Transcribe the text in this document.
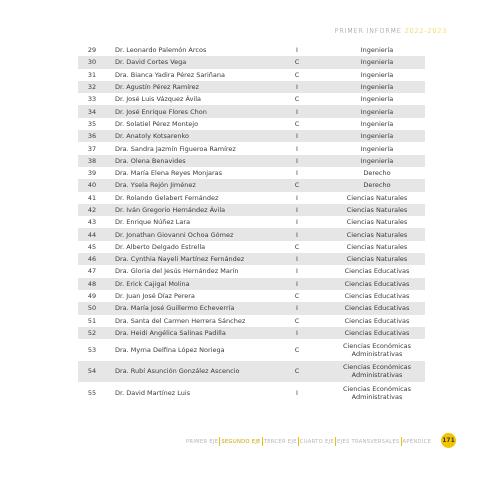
PRIMER INFORME 2022-2023
29	Dr. Leonardo Palemón Arcos	I	Ingeniería
30	Dr. David Cortes Vega	C	Ingeniería
31	Dra. Bianca Yadira Pérez Sariñana	C	Ingeniería
32	Dr. Agustín Pérez Ramírez	I	Ingeniería
33	Dr. José Luis Vázquez Ávila	C	Ingeniería
34	Dr. José Enrique Flores Chon	I	Ingeniería
35	Dr. Solatiel Pérez Montejo	C	Ingeniería
36	Dr. Anatoly Kotsarenko	I	Ingeniería
37	Dra. Sandra Jazmín Figueroa Ramírez	I	Ingeniería
38	Dra. Olena Benavides	I	Ingeniería
39	Dra. María Elena Reyes Monjaras	I	Derecho
40	Dra. Ysela Rejón Jiménez	C	Derecho
41	Dr. Rolando Gelabert Fernández	I	Ciencias Naturales
42	Dr. Iván Gregorio Hernández Ávila	I	Ciencias Naturales
43	Dr. Enrique Núñez Lara	I	Ciencias Naturales
44	Dr. Jonathan Giovanni Ochoa Gómez	I	Ciencias Naturales
45	Dr. Alberto Delgado Estrella	C	Ciencias Naturales
46	Dra. Cynthia Nayeli Martínez Fernández	I	Ciencias Naturales
47	Dra. Gloria del Jesús Hernández Marín	I	Ciencias Educativas
48	Dr. Erick Cajigal Molina	I	Ciencias Educativas
49	Dr. Juan José Díaz Perera	C	Ciencias Educativas
50	Dra. María José Guillermo Echeverría	I	Ciencias Educativas
51	Dra. Santa del Carmen Herrera Sánchez	C	Ciencias Educativas
52	Dra. Heidi Angélica Salinas Padilla	I	Ciencias Educativas
53	Dra. Myrna Delfina López Noriega	C	Ciencias Económicas Administrativas
54	Dra. Rubí Asunción González Ascencio	C	Ciencias Económicas Administrativas
55	Dr. David Martínez Luis	I	Ciencias Económicas Administrativas
PRIMER EJE SEGUNDO EJE TERCER EJE CUARTO EJE EJES TRANSVERSALES APÉNDICE 171
